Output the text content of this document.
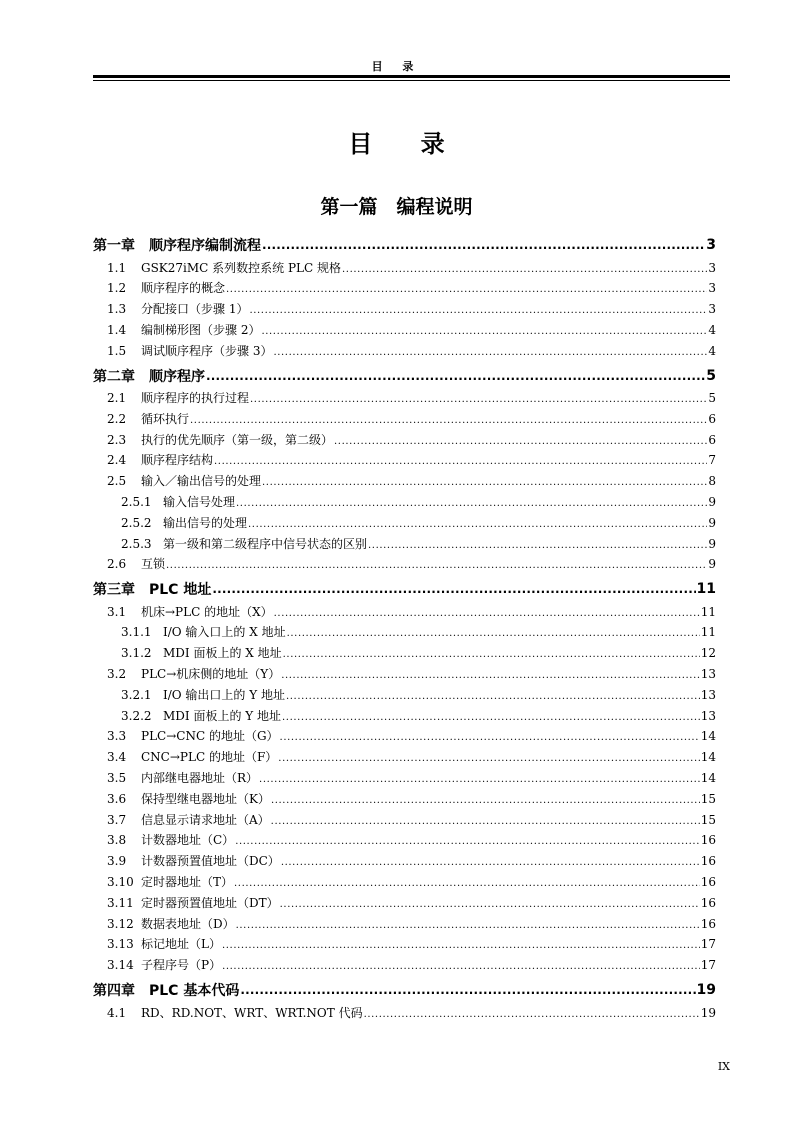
目 录
目 录
第一篇　编程说明
第一章 顺序程序编制流程 .....	3
1.1	GSK27iMC 系列数控系统 PLC 规格 .....	3
1.2	顺序程序的概念 .....	3
1.3	分配接口（步骤 1） .....	3
1.4	编制梯形图（步骤 2） .....	4
1.5	调试顺序程序（步骤 3） .....	4
第二章 顺序程序 .....	5
2.1	顺序程序的执行过程 .....	5
2.2	循环执行 .....	6
2.3	执行的优先顺序（第一级，第二级） .....	6
2.4	顺序程序结构 .....	7
2.5	输入／输出信号的处理 .....	8
2.5.1 输入信号处理 .....	9
2.5.2 输出信号的处理 .....	9
2.5.3 第一级和第二级程序中信号状态的区别 .....	9
2.6	互锁 .....	9
第三章 PLC 地址 .....	11
3.1	机床→PLC 的地址（X） .....	11
3.1.1 I/O 输入口上的 X 地址 .....	11
3.1.2 MDI 面板上的 X 地址 .....	12
3.2	PLC→机床侧的地址（Y） .....	13
3.2.1 I/O 输出口上的 Y 地址 .....	13
3.2.2 MDI 面板上的 Y 地址 .....	13
3.3	PLC→CNC 的地址（G） .....	14
3.4	CNC→PLC 的地址（F） .....	14
3.5	内部继电器地址（R） .....	14
3.6	保持型继电器地址（K） .....	15
3.7	信息显示请求地址（A） .....	15
3.8	计数器地址（C） .....	16
3.9	计数器预置值地址（DC） .....	16
3.10 定时器地址（T） .....	16
3.11 定时器预置值地址（DT） .....	16
3.12 数据表地址（D） .....	16
3.13 标记地址（L） .....	17
3.14 子程序号（P） .....	17
第四章 PLC 基本代码 .....	19
4.1	RD、RD.NOT、WRT、WRT.NOT 代码 .....	19
IX
